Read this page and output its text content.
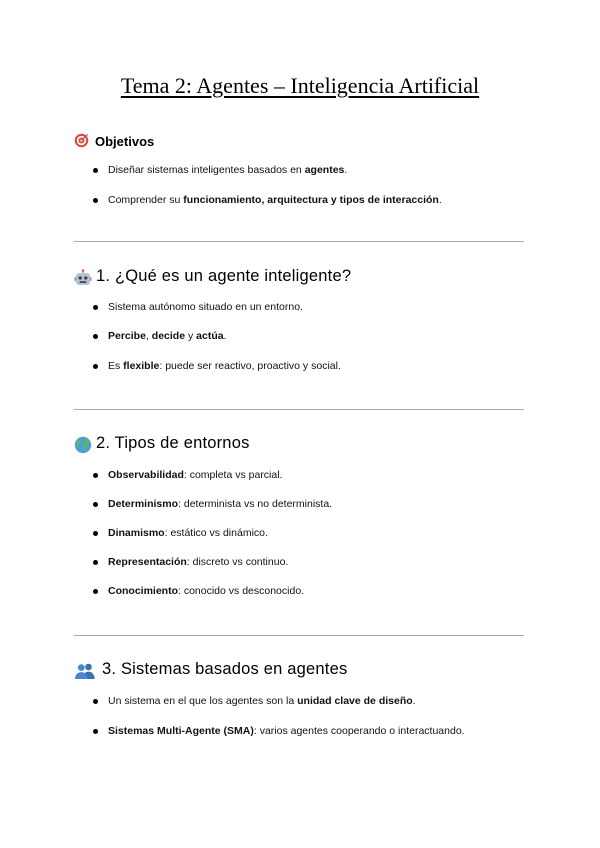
Tema 2: Agentes – Inteligencia Artificial
Objetivos
Diseñar sistemas inteligentes basados en agentes.
Comprender su funcionamiento, arquitectura y tipos de interacción.
1. ¿Qué es un agente inteligente?
Sistema autónomo situado en un entorno.
Percibe, decide y actúa.
Es flexible: puede ser reactivo, proactivo y social.
2. Tipos de entornos
Observabilidad: completa vs parcial.
Determinismo: determinista vs no determinista.
Dinamismo: estático vs dinámico.
Representación: discreto vs continuo.
Conocimiento: conocido vs desconocido.
3. Sistemas basados en agentes
Un sistema en el que los agentes son la unidad clave de diseño.
Sistemas Multi-Agente (SMA): varios agentes cooperando o interactuando.
